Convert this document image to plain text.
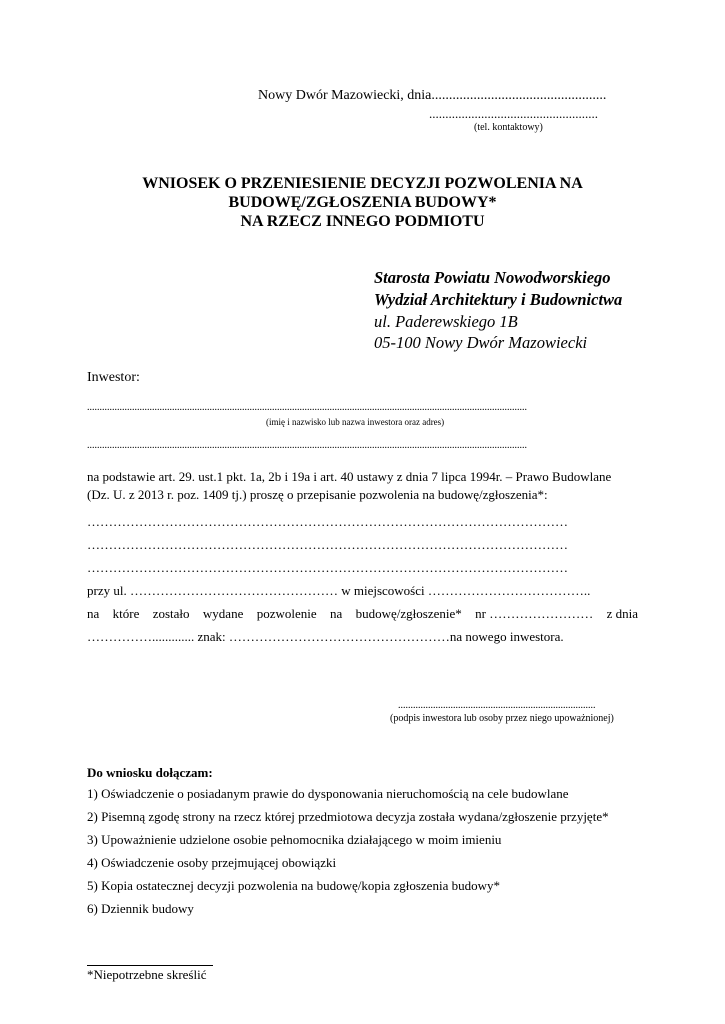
Nowy Dwór Mazowiecki, dnia..................................................
....................................................
(tel. kontaktowy)
WNIOSEK O PRZENIESIENIE DECYZJI POZWOLENIA NA
BUDOWĘ/ZGŁOSZENIA BUDOWY*
NA RZECZ INNEGO PODMIOTU
Starosta Powiatu Nowodworskiego
Wydział Architektury i Budownictwa
ul. Paderewskiego 1B
05-100 Nowy Dwór Mazowiecki
Inwestor:
................................................................................................................................................................................
(imię i nazwisko lub nazwa inwestora oraz adres)
................................................................................................................................................................................
na podstawie art. 29. ust.1 pkt. 1a, 2b i 19a i art. 40 ustawy z dnia 7 lipca 1994r. – Prawo Budowlane
(Dz. U. z 2013 r. poz. 1409 tj.) proszę o przepisanie pozwolenia na budowę/zgłoszenia*:
…………………………………………………………………………………………………
…………………………………………………………………………………………………
…………………………………………………………………………………………………
przy ul. ………………………………………… w miejscowości ………………………………..
na które zostało wydane pozwolenie na budowę/zgłoszenie* nr …………………… z dnia
……………............. znak: ……………………………………………na nowego inwestora.
...............................................................................
(podpis inwestora lub osoby przez niego upoważnionej)
Do wniosku dołączam:
1) Oświadczenie o posiadanym prawie do dysponowania nieruchomością na cele budowlane
2) Pisemną zgodę strony na rzecz której przedmiotowa decyzja została wydana/zgłoszenie przyjęte*
3) Upoważnienie udzielone osobie pełnomocnika działającego w moim imieniu
4) Oświadczenie osoby przejmującej obowiązki
5) Kopia ostatecznej decyzji pozwolenia na budowę/kopia zgłoszenia budowy*
6) Dziennik budowy
*Niepotrzebne skreślić
